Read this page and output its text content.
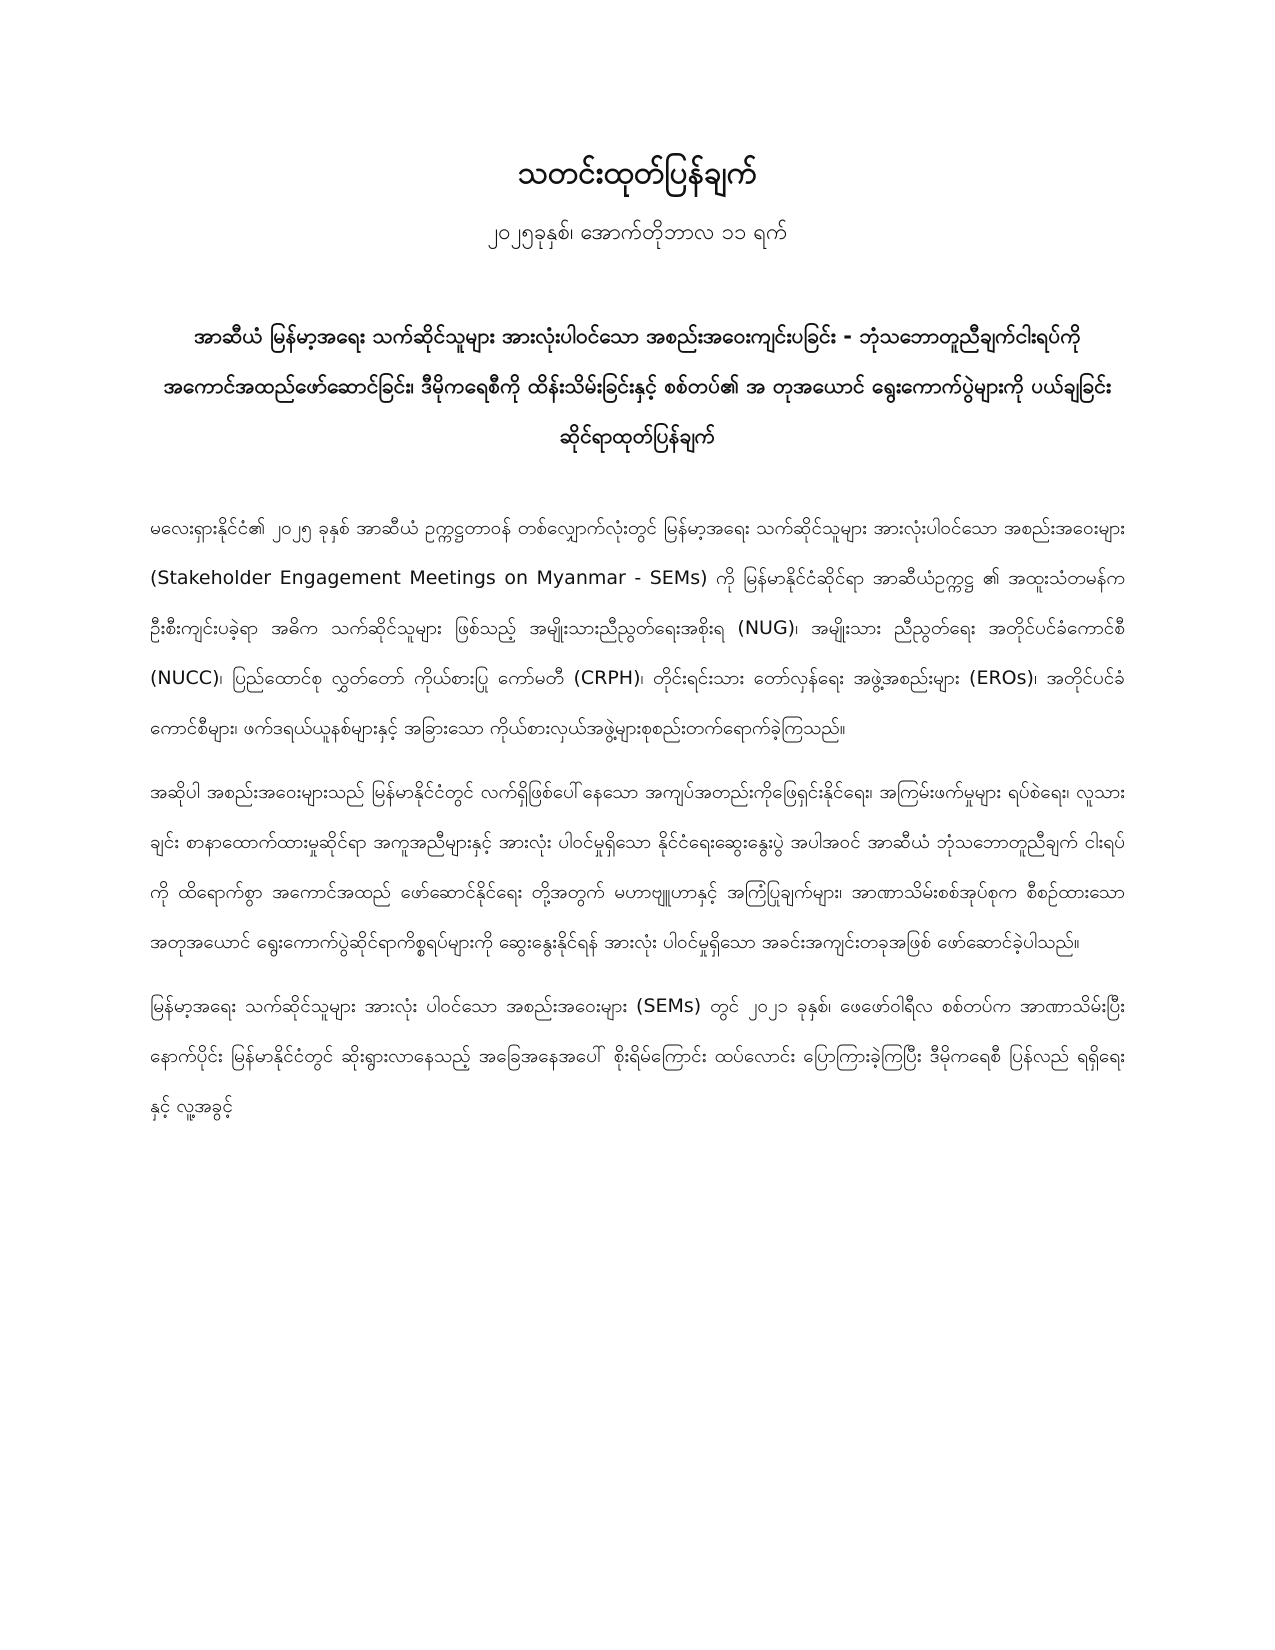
သတင်းထုတ်ပြန်ချက်
၂၀၂၅ခုနှစ်၊ အောက်တိုဘာလ ၁၁ ရက်
အာဆီယံ မြန်မာ့အရေး သက်ဆိုင်သူများ အားလုံးပါဝင်သော အစည်းအဝေးကျင်းပခြင်း - ဘုံသဘောတူညီချက်ငါးရပ်ကို အကောင်အထည်ဖော်ဆောင်ခြင်း၊ ဒီမိုကရေစီကို ထိန်းသိမ်းခြင်းနှင့် စစ်တပ်၏ အ တုအယောင် ရွေးကောက်ပွဲများကို ပယ်ချခြင်းဆိုင်ရာထုတ်ပြန်ချက်

မလေးရှားနိုင်ငံ၏ ၂၀၂၅ ခုနှစ် အာဆီယံ ဥက္ကဋ္ဌတာဝန် တစ်လျှောက်လုံးတွင် မြန်မာ့အရေး သက်ဆိုင်သူများ အားလုံးပါဝင်သော အစည်းအဝေးများ (Stakeholder Engagement Meetings on Myanmar - SEMs) ကို မြန်မာနိုင်ငံဆိုင်ရာ အာဆီယံဥက္ကဋ္ဌ ၏ အထူးသံတမန်က ဦးစီးကျင်းပခဲ့ရာ အဓိက သက်ဆိုင်သူများ ဖြစ်သည့် အမျိုးသားညီညွတ်ရေးအစိုးရ (NUG)၊ အမျိုးသား ညီညွတ်ရေး အတိုင်ပင်ခံကောင်စီ (NUCC)၊ ပြည်ထောင်စု လွှတ်တော် ကိုယ်စားပြု ကော်မတီ (CRPH)၊ တိုင်းရင်းသား တော်လှန်ရေး အဖွဲ့အစည်းများ (EROs)၊ အတိုင်ပင်ခံကောင်စီများ၊ ဖက်ဒရယ်ယူနစ်များနှင့် အခြားသော ကိုယ်စားလှယ်အဖွဲ့များစုစည်းတက်ရောက်ခဲ့ကြသည်။

အဆိုပါ အစည်းအဝေးများသည် မြန်မာနိုင်ငံတွင် လက်ရှိဖြစ်ပေါ်နေသော အကျပ်အတည်းကိုဖြေရှင်းနိုင်ရေး၊ အကြမ်းဖက်မှုများ ရပ်စဲရေး၊ လူသားချင်း စာနာထောက်ထားမှုဆိုင်ရာ အကူအညီများနှင့် အားလုံး ပါဝင်မှုရှိသော နိုင်ငံရေးဆွေးနွေးပွဲ အပါအဝင် အာဆီယံ ဘုံသဘောတူညီချက် ငါးရပ်ကို ထိရောက်စွာ အကောင်အထည် ဖော်ဆောင်နိုင်ရေး တို့အတွက် မဟာဗျူဟာနှင့် အကြံပြုချက်များ၊ အာဏာသိမ်းစစ်အုပ်စုက စီစဉ်ထားသော အတုအယောင် ရွေးကောက်ပွဲဆိုင်ရာကိစ္စရပ်များကို ဆွေးနွေးနိုင်ရန် အားလုံး ပါဝင်မှုရှိသော အခင်းအကျင်းတခုအဖြစ် ဖော်ဆောင်ခဲ့ပါသည်။

မြန်မာ့အရေး သက်ဆိုင်သူများ အားလုံး ပါဝင်သော အစည်းအဝေးများ (SEMs) တွင် ၂၀၂၁ ခုနှစ်၊ ဖေဖော်ဝါရီလ စစ်တပ်က အာဏာသိမ်းပြီး နောက်ပိုင်း မြန်မာနိုင်ငံတွင် ဆိုးရွားလာနေသည့် အခြေအနေအပေါ် စိုးရိမ်ကြောင်း ထပ်လောင်း ပြောကြားခဲ့ကြပြီး ဒီမိုကရေစီ ပြန်လည် ရရှိရေးနှင့် လူ့အခွင့်
